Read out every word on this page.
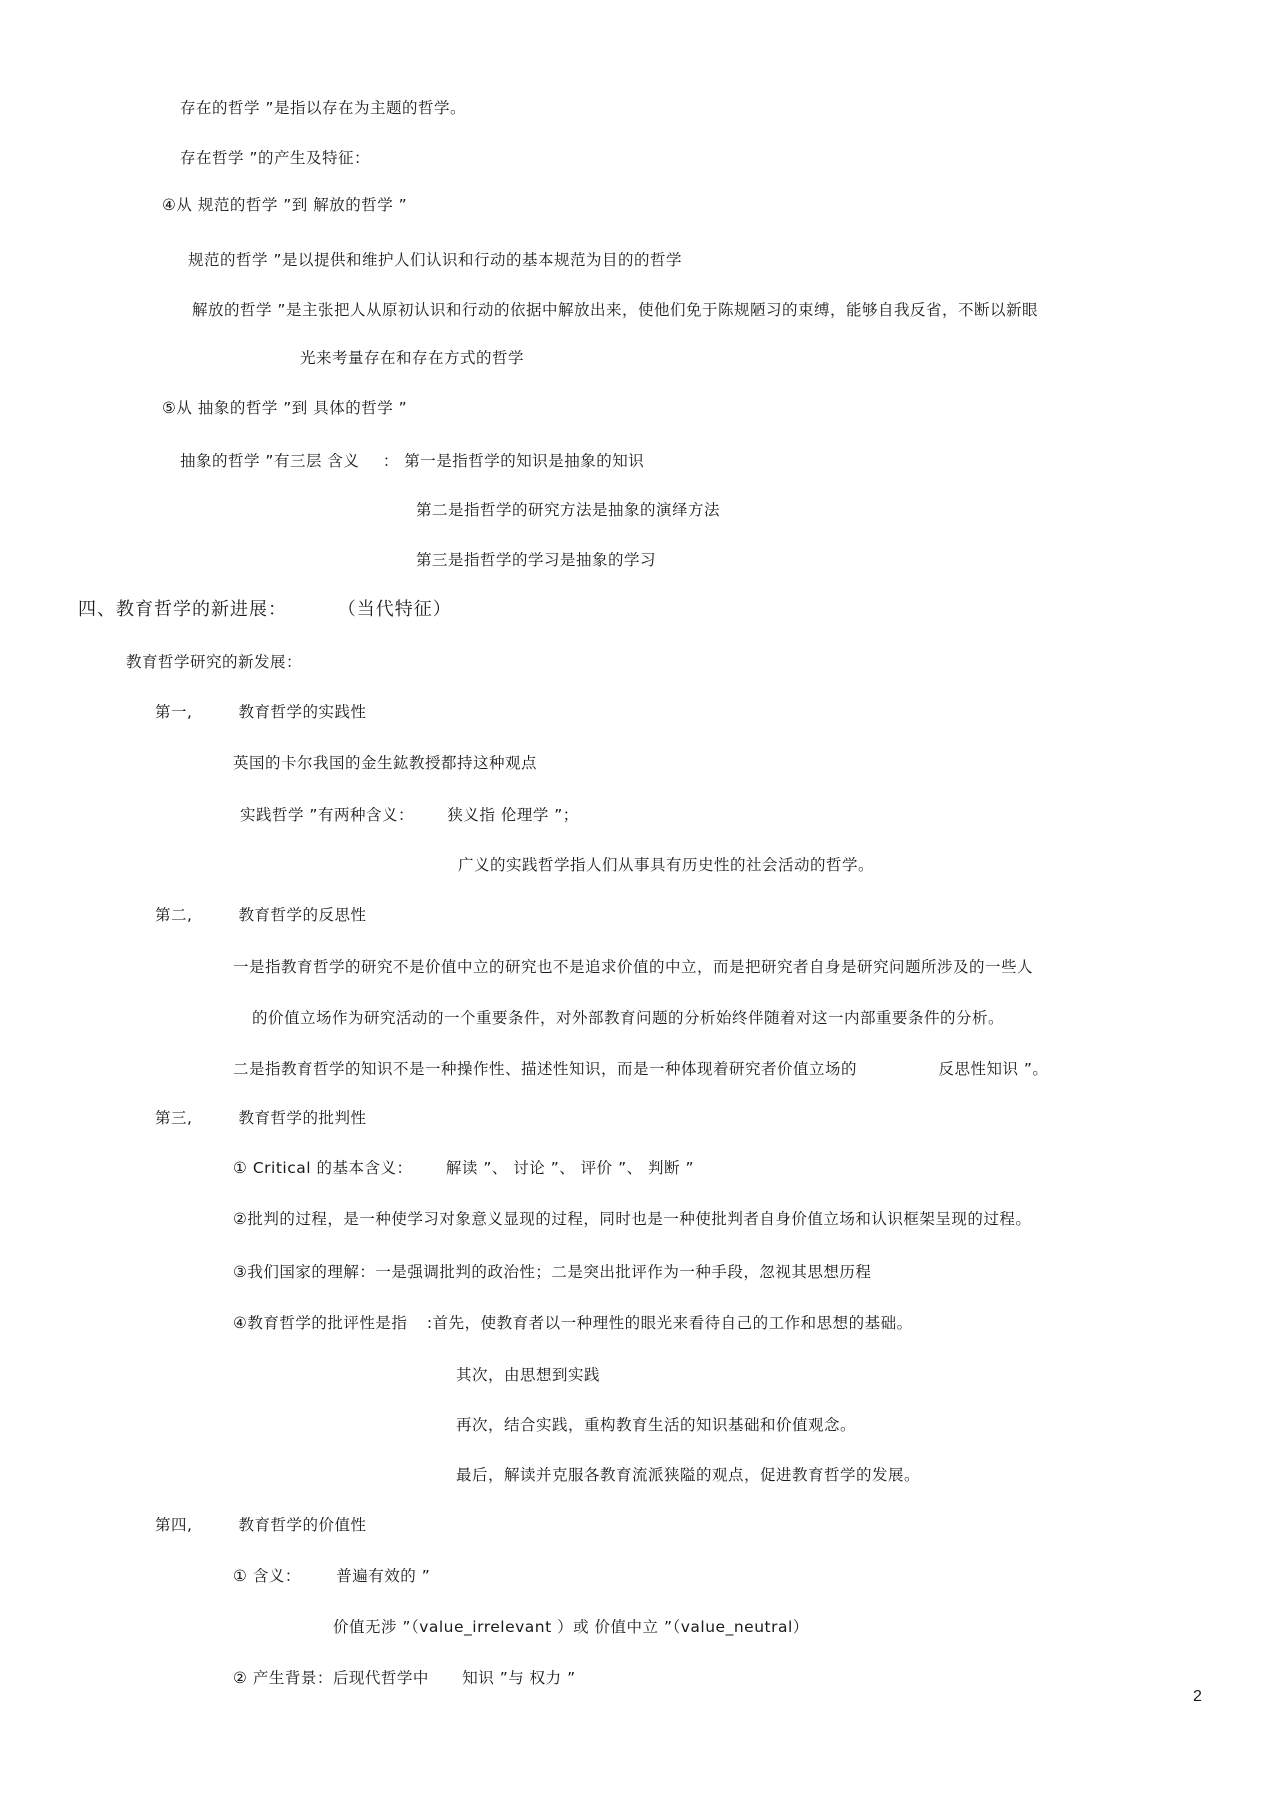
存在的哲学 ”是指以存在为主题的哲学。
存在哲学 ”的产生及特征：
④从 规范的哲学 ”到 解放的哲学 ”
规范的哲学 ”是以提供和维护人们认识和行动的基本规范为目的的哲学
解放的哲学 ”是主张把人从原初认识和行动的依据中解放出来，使他们免于陈规陋习的束缚，能够自我反省，不断以新眼
光来考量存在和存在方式的哲学
⑤从 抽象的哲学 ”到 具体的哲学 ”
抽象的哲学 ”有三层 含义 ： 第一是指哲学的知识是抽象的知识
第二是指哲学的研究方法是抽象的演绎方法
第三是指哲学的学习是抽象的学习
四、教育哲学的新进展：	（当代特征）
教育哲学研究的新发展：
第一,	教育哲学的实践性
英国的卡尔我国的金生鈜教授都持这种观点
实践哲学 ”有两种含义： 狭义指 伦理学 ”；
广义的实践哲学指人们从事具有历史性的社会活动的哲学。
第二,	教育哲学的反思性
一是指教育哲学的研究不是价值中立的研究也不是追求价值的中立，而是把研究者自身是研究问题所涉及的一些人
的价值立场作为研究活动的一个重要条件，对外部教育问题的分析始终伴随着对这一内部重要条件的分析。
二是指教育哲学的知识不是一种操作性、描述性知识，而是一种体现着研究者价值立场的	反思性知识 ”。
第三,	教育哲学的批判性
① Critical 的基本含义： 解读 ”、 讨论 ”、 评价 ”、 判断 ”
②批判的过程，是一种使学习对象意义显现的过程，同时也是一种使批判者自身价值立场和认识框架呈现的过程。
③我们国家的理解：一是强调批判的政治性；二是突出批评作为一种手段，忽视其思想历程
④教育哲学的批评性是指 :首先，使教育者以一种理性的眼光来看待自己的工作和思想的基础。
其次，由思想到实践
再次，结合实践，重构教育生活的知识基础和价值观念。
最后，解读并克服各教育流派狭隘的观点，促进教育哲学的发展。
第四,	教育哲学的价值性
① 含义： 普遍有效的 ”
价值无涉 ”（value_irrelevant ）或 价值中立 ”（value_neutral）
② 产生背景：后现代哲学中 知识 ”与 权力 ”
2
